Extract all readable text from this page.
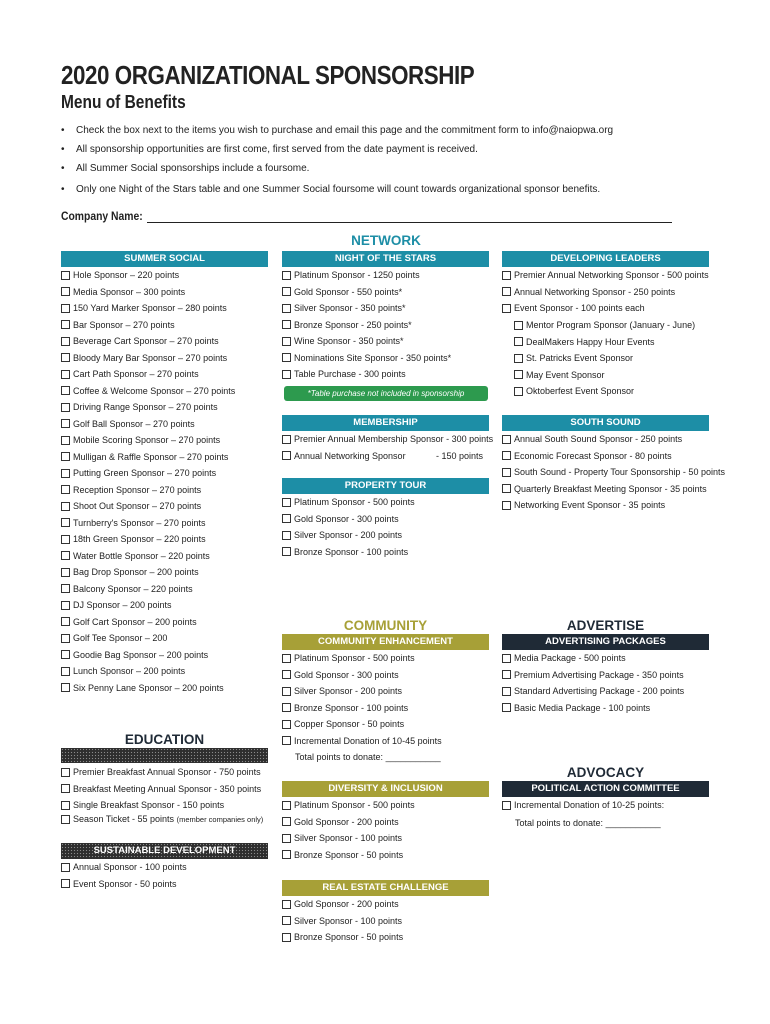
2020 ORGANIZATIONAL SPONSORSHIP
Menu of Benefits
• Check the box next to the items you wish to purchase and email this page and the commitment form to info@naiopwa.org
• All sponsorship opportunities are first come, first served from the date payment is received.
• All Summer Social sponsorships include a foursome.
• Only one Night of the Stars table and one Summer Social foursome will count towards organizational sponsor benefits.
Company Name:
NETWORK
SUMMER SOCIAL
Hole Sponsor – 220 points
Media Sponsor – 300 points
150 Yard Marker Sponsor – 280 points
Bar Sponsor – 270 points
Beverage Cart Sponsor – 270 points
Bloody Mary Bar Sponsor – 270 points
Cart Path Sponsor – 270 points
Coffee & Welcome Sponsor – 270 points
Driving Range Sponsor – 270 points
Golf Ball Sponsor – 270 points
Mobile Scoring Sponsor – 270 points
Mulligan & Raffle Sponsor – 270 points
Putting Green Sponsor – 270 points
Reception Sponsor – 270 points
Shoot Out Sponsor – 270 points
Turnberry's Sponsor – 270 points
18th Green Sponsor – 220 points
Water Bottle Sponsor – 220 points
Bag Drop Sponsor – 200 points
Balcony Sponsor – 220 points
DJ Sponsor – 200 points
Golf Cart Sponsor – 200 points
Golf Tee Sponsor – 200
Goodie Bag Sponsor – 200 points
Lunch Sponsor – 200 points
Six Penny Lane Sponsor – 200 points
NIGHT OF THE STARS
Platinum Sponsor - 1250 points
Gold Sponsor - 550 points*
Silver Sponsor - 350 points*
Bronze Sponsor - 250 points*
Wine Sponsor - 350 points*
Nominations Site Sponsor - 350 points*
Table Purchase - 300 points
*Table purchase not included in sponsorship
DEVELOPING LEADERS
Premier Annual Networking Sponsor - 500 points
Annual Networking Sponsor - 250 points
Event Sponsor - 100 points each
Mentor Program Sponsor (January - June)
DealMakers Happy Hour Events
St. Patricks Event Sponsor
May Event Sponsor
Oktoberfest Event Sponsor
MEMBERSHIP
Premier Annual Membership Sponsor - 300 points
Annual Networking Sponsor	- 150 points
SOUTH SOUND
Annual South Sound Sponsor - 250 points
Economic Forecast Sponsor - 80 points
South Sound - Property Tour Sponsorship - 50 points
Quarterly Breakfast Meeting Sponsor - 35 points
Networking Event Sponsor - 35 points
PROPERTY TOUR
Platinum Sponsor - 500 points
Gold Sponsor - 300 points
Silver Sponsor - 200 points
Bronze Sponsor - 100 points
COMMUNITY
COMMUNITY ENHANCEMENT
Platinum Sponsor - 500 points
Gold Sponsor - 300 points
Silver Sponsor - 200 points
Bronze Sponsor - 100 points
Copper Sponsor - 50 points
Incremental Donation of 10-45 points
Total points to donate: ___________
DIVERSITY & INCLUSION
Platinum Sponsor - 500 points
Gold Sponsor - 200 points
Silver Sponsor - 100 points
Bronze Sponsor - 50 points
REAL ESTATE CHALLENGE
Gold Sponsor - 200 points
Silver Sponsor - 100 points
Bronze Sponsor - 50 points
ADVERTISE
ADVERTISING PACKAGES
Media Package - 500 points
Premium Advertising Package - 350 points
Standard Advertising Package - 200 points
Basic Media Package - 100 points
ADVOCACY
POLITICAL ACTION COMMITTEE
Incremental Donation of 10-25 points:
Total points to donate: ___________
EDUCATION
Premier Breakfast Annual Sponsor - 750 points
Breakfast Meeting Annual Sponsor - 350 points
Single Breakfast Sponsor - 150 points
Season Ticket - 55 points
(member companies only)
SUSTAINABLE DEVELOPMENT
Annual Sponsor - 100 points
Event Sponsor - 50 points
